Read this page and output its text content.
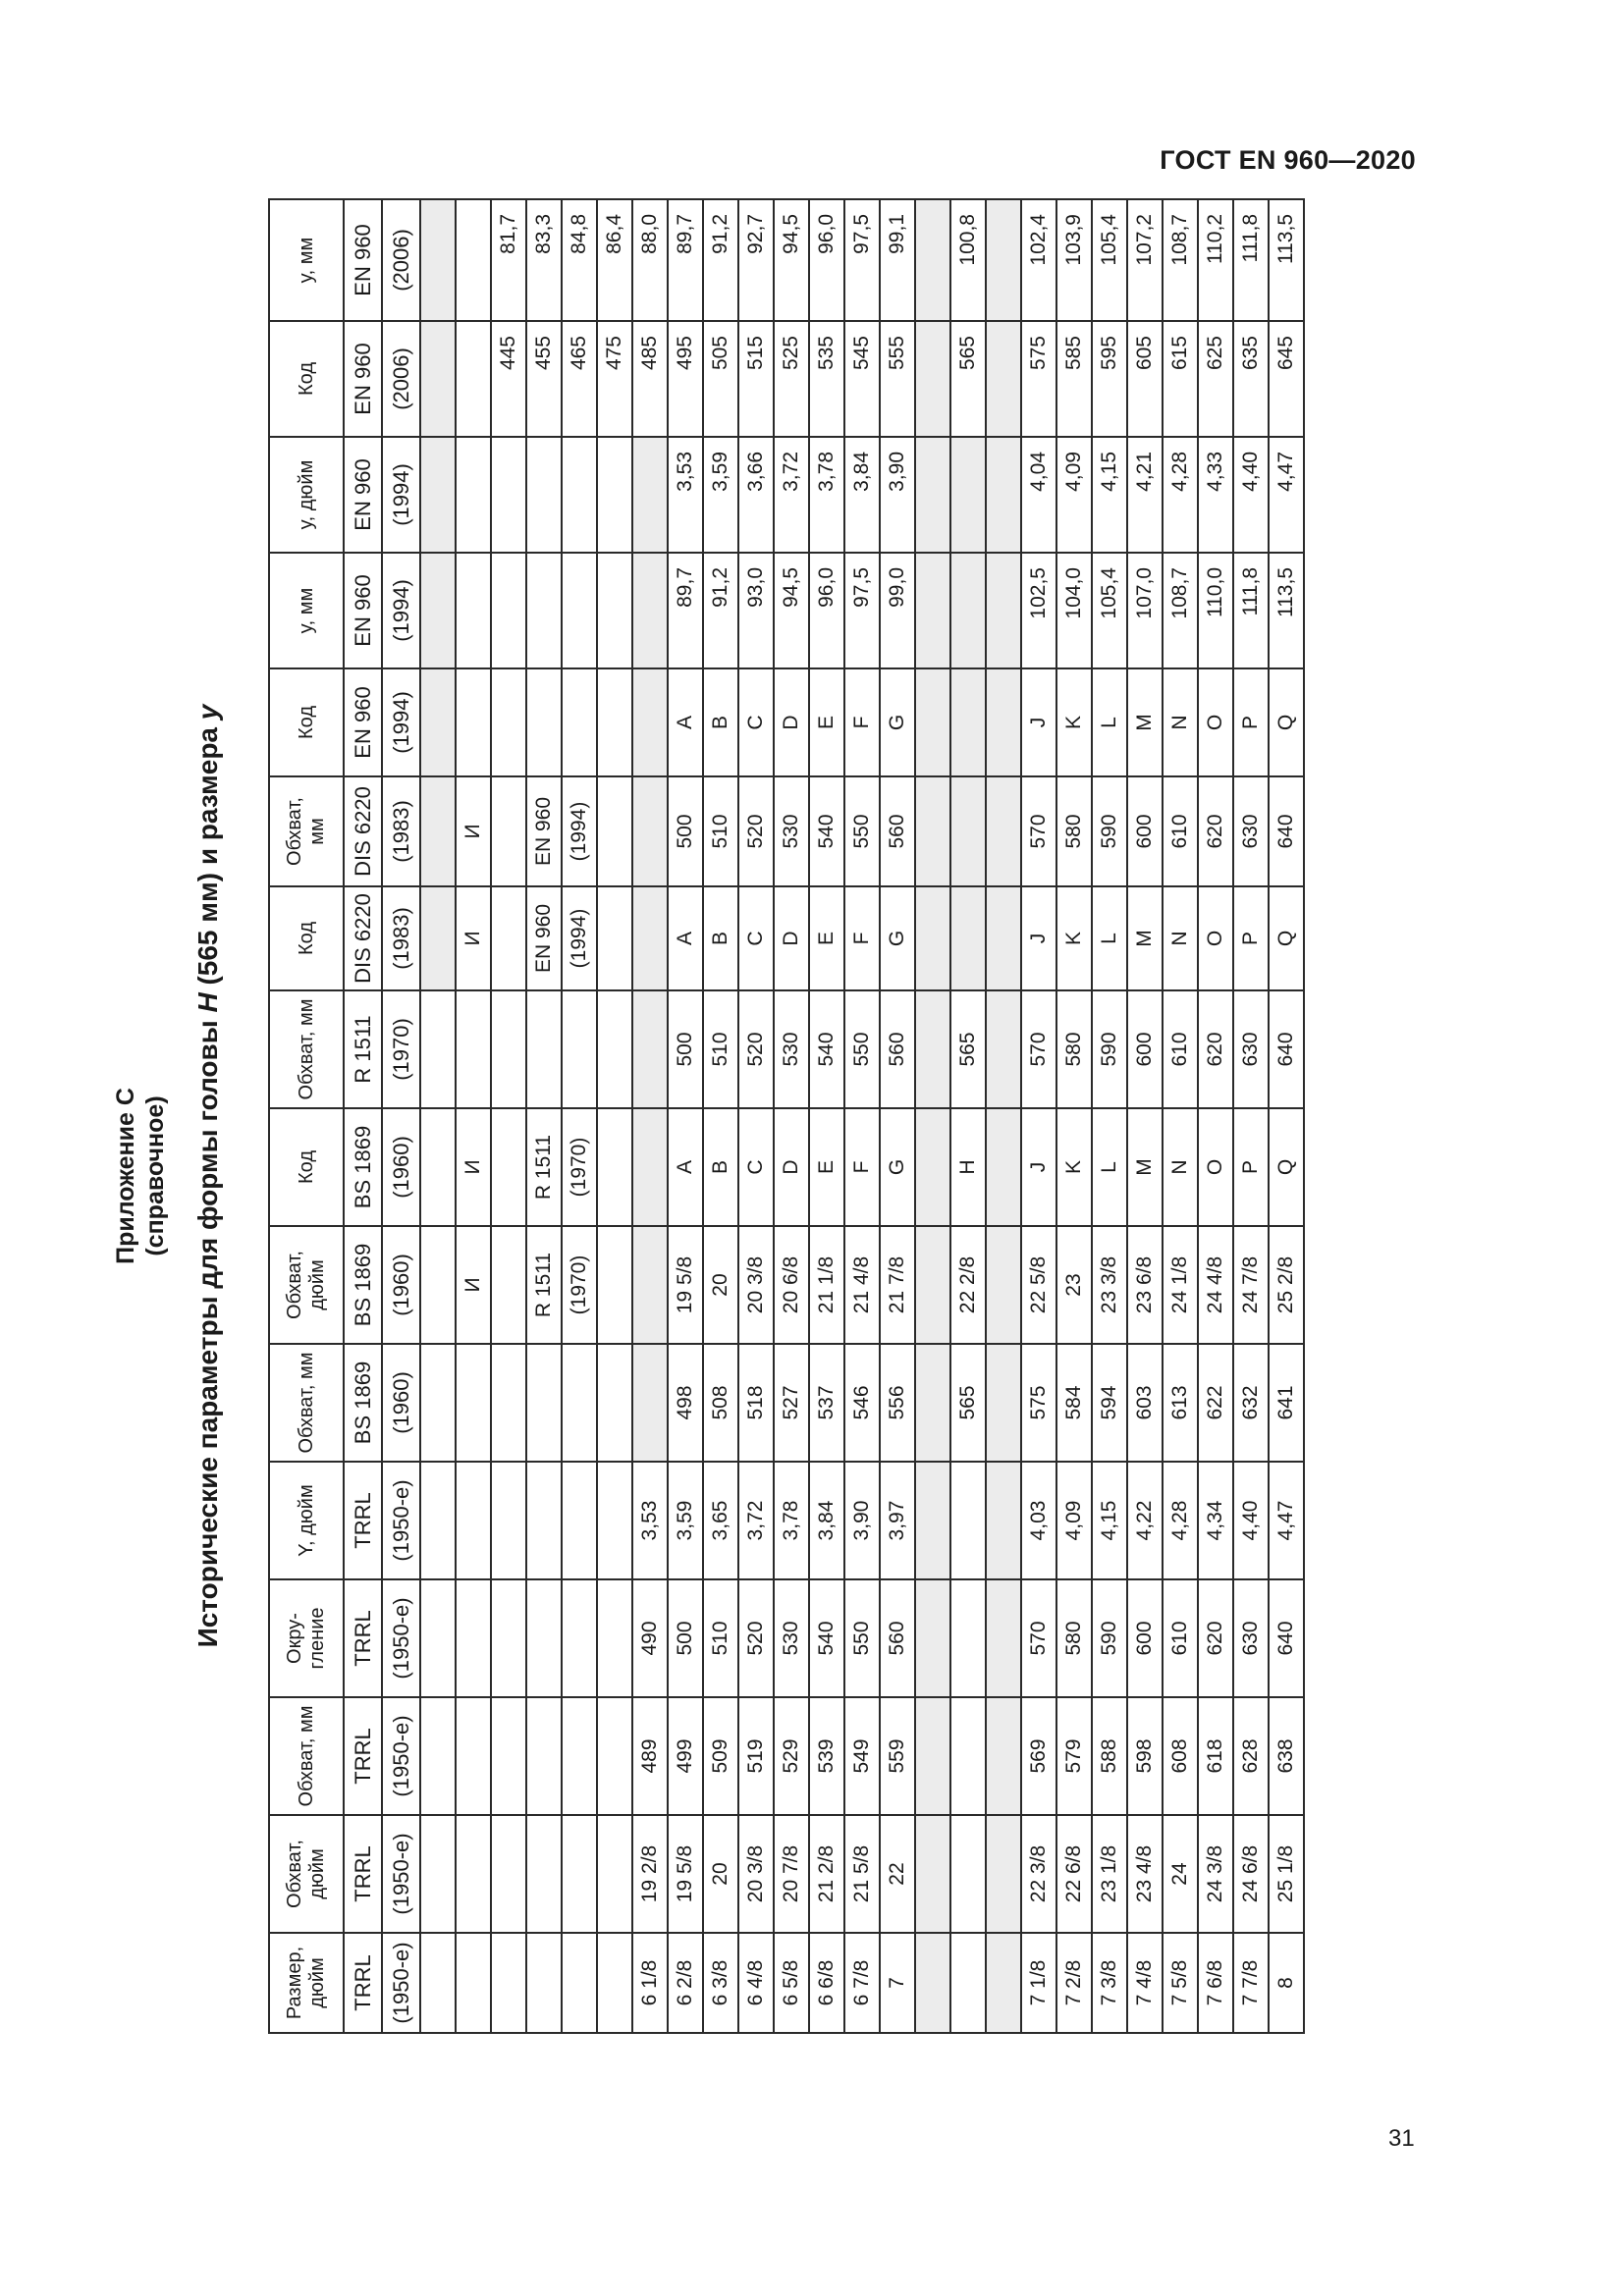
ГОСТ EN 960—2020
Приложение С (справочное) Исторические параметры для формы головы H (565 мм) и размера y
Размер, дюйм	Обхват, дюйм	Обхват, мм	Окру-гление	Y, дюйм	Обхват, мм	Обхват, дюйм	Код	Обхват, мм	Код	Обхват, мм	Код	у, мм	у, дюйм	Код	у, мм
TRRL	TRRL	TRRL	TRRL	TRRL	BS 1869	BS 1869	BS 1869	R 1511	DIS 6220	DIS 6220	EN 960	EN 960	EN 960	EN 960	EN 960
(1950-е)	(1950-е)	(1950-е)	(1950-е)	(1950-е)	(1960)	(1960)	(1960)	(1970)	(1983)	(1983)	(1994)	(1994)	(1994)	(2006)	(2006)

						И	И		И	И					
														445	81,7
						R 1511	R 1511		EN 960	EN 960				455	83,3
						(1970)	(1970)		(1994)	(1994)				465	84,8
														475	86,4
6 1/8	19 2/8	489	490	3,53										485	88,0
6 2/8	19 5/8	499	500	3,59	498	19 5/8	A	500	A	500	A	89,7	3,53	495	89,7
6 3/8	20	509	510	3,65	508	20	B	510	B	510	B	91,2	3,59	505	91,2
6 4/8	20 3/8	519	520	3,72	518	20 3/8	C	520	C	520	C	93,0	3,66	515	92,7
6 5/8	20 7/8	529	530	3,78	527	20 6/8	D	530	D	530	D	94,5	3,72	525	94,5
6 6/8	21 2/8	539	540	3,84	537	21 1/8	E	540	E	540	E	96,0	3,78	535	96,0
6 7/8	21 5/8	549	550	3,90	546	21 4/8	F	550	F	550	F	97,5	3,84	545	97,5
7	22	559	560	3,97	556	21 7/8	G	560	G	560	G	99,0	3,90	555	99,1

					565	22 2/8	H	565						565	100,8

7 1/8	22 3/8	569	570	4,03	575	22 5/8	J	570	J	570	J	102,5	4,04	575	102,4
7 2/8	22 6/8	579	580	4,09	584	23	K	580	K	580	K	104,0	4,09	585	103,9
7 3/8	23 1/8	588	590	4,15	594	23 3/8	L	590	L	590	L	105,4	4,15	595	105,4
7 4/8	23 4/8	598	600	4,22	603	23 6/8	M	600	M	600	M	107,0	4,21	605	107,2
7 5/8	24	608	610	4,28	613	24 1/8	N	610	N	610	N	108,7	4,28	615	108,7
7 6/8	24 3/8	618	620	4,34	622	24 4/8	O	620	O	620	O	110,0	4,33	625	110,2
7 7/8	24 6/8	628	630	4,40	632	24 7/8	P	630	P	630	P	111,8	4,40	635	111,8
8	25 1/8	638	640	4,47	641	25 2/8	Q	640	Q	640	Q	113,5	4,47	645	113,5
31
